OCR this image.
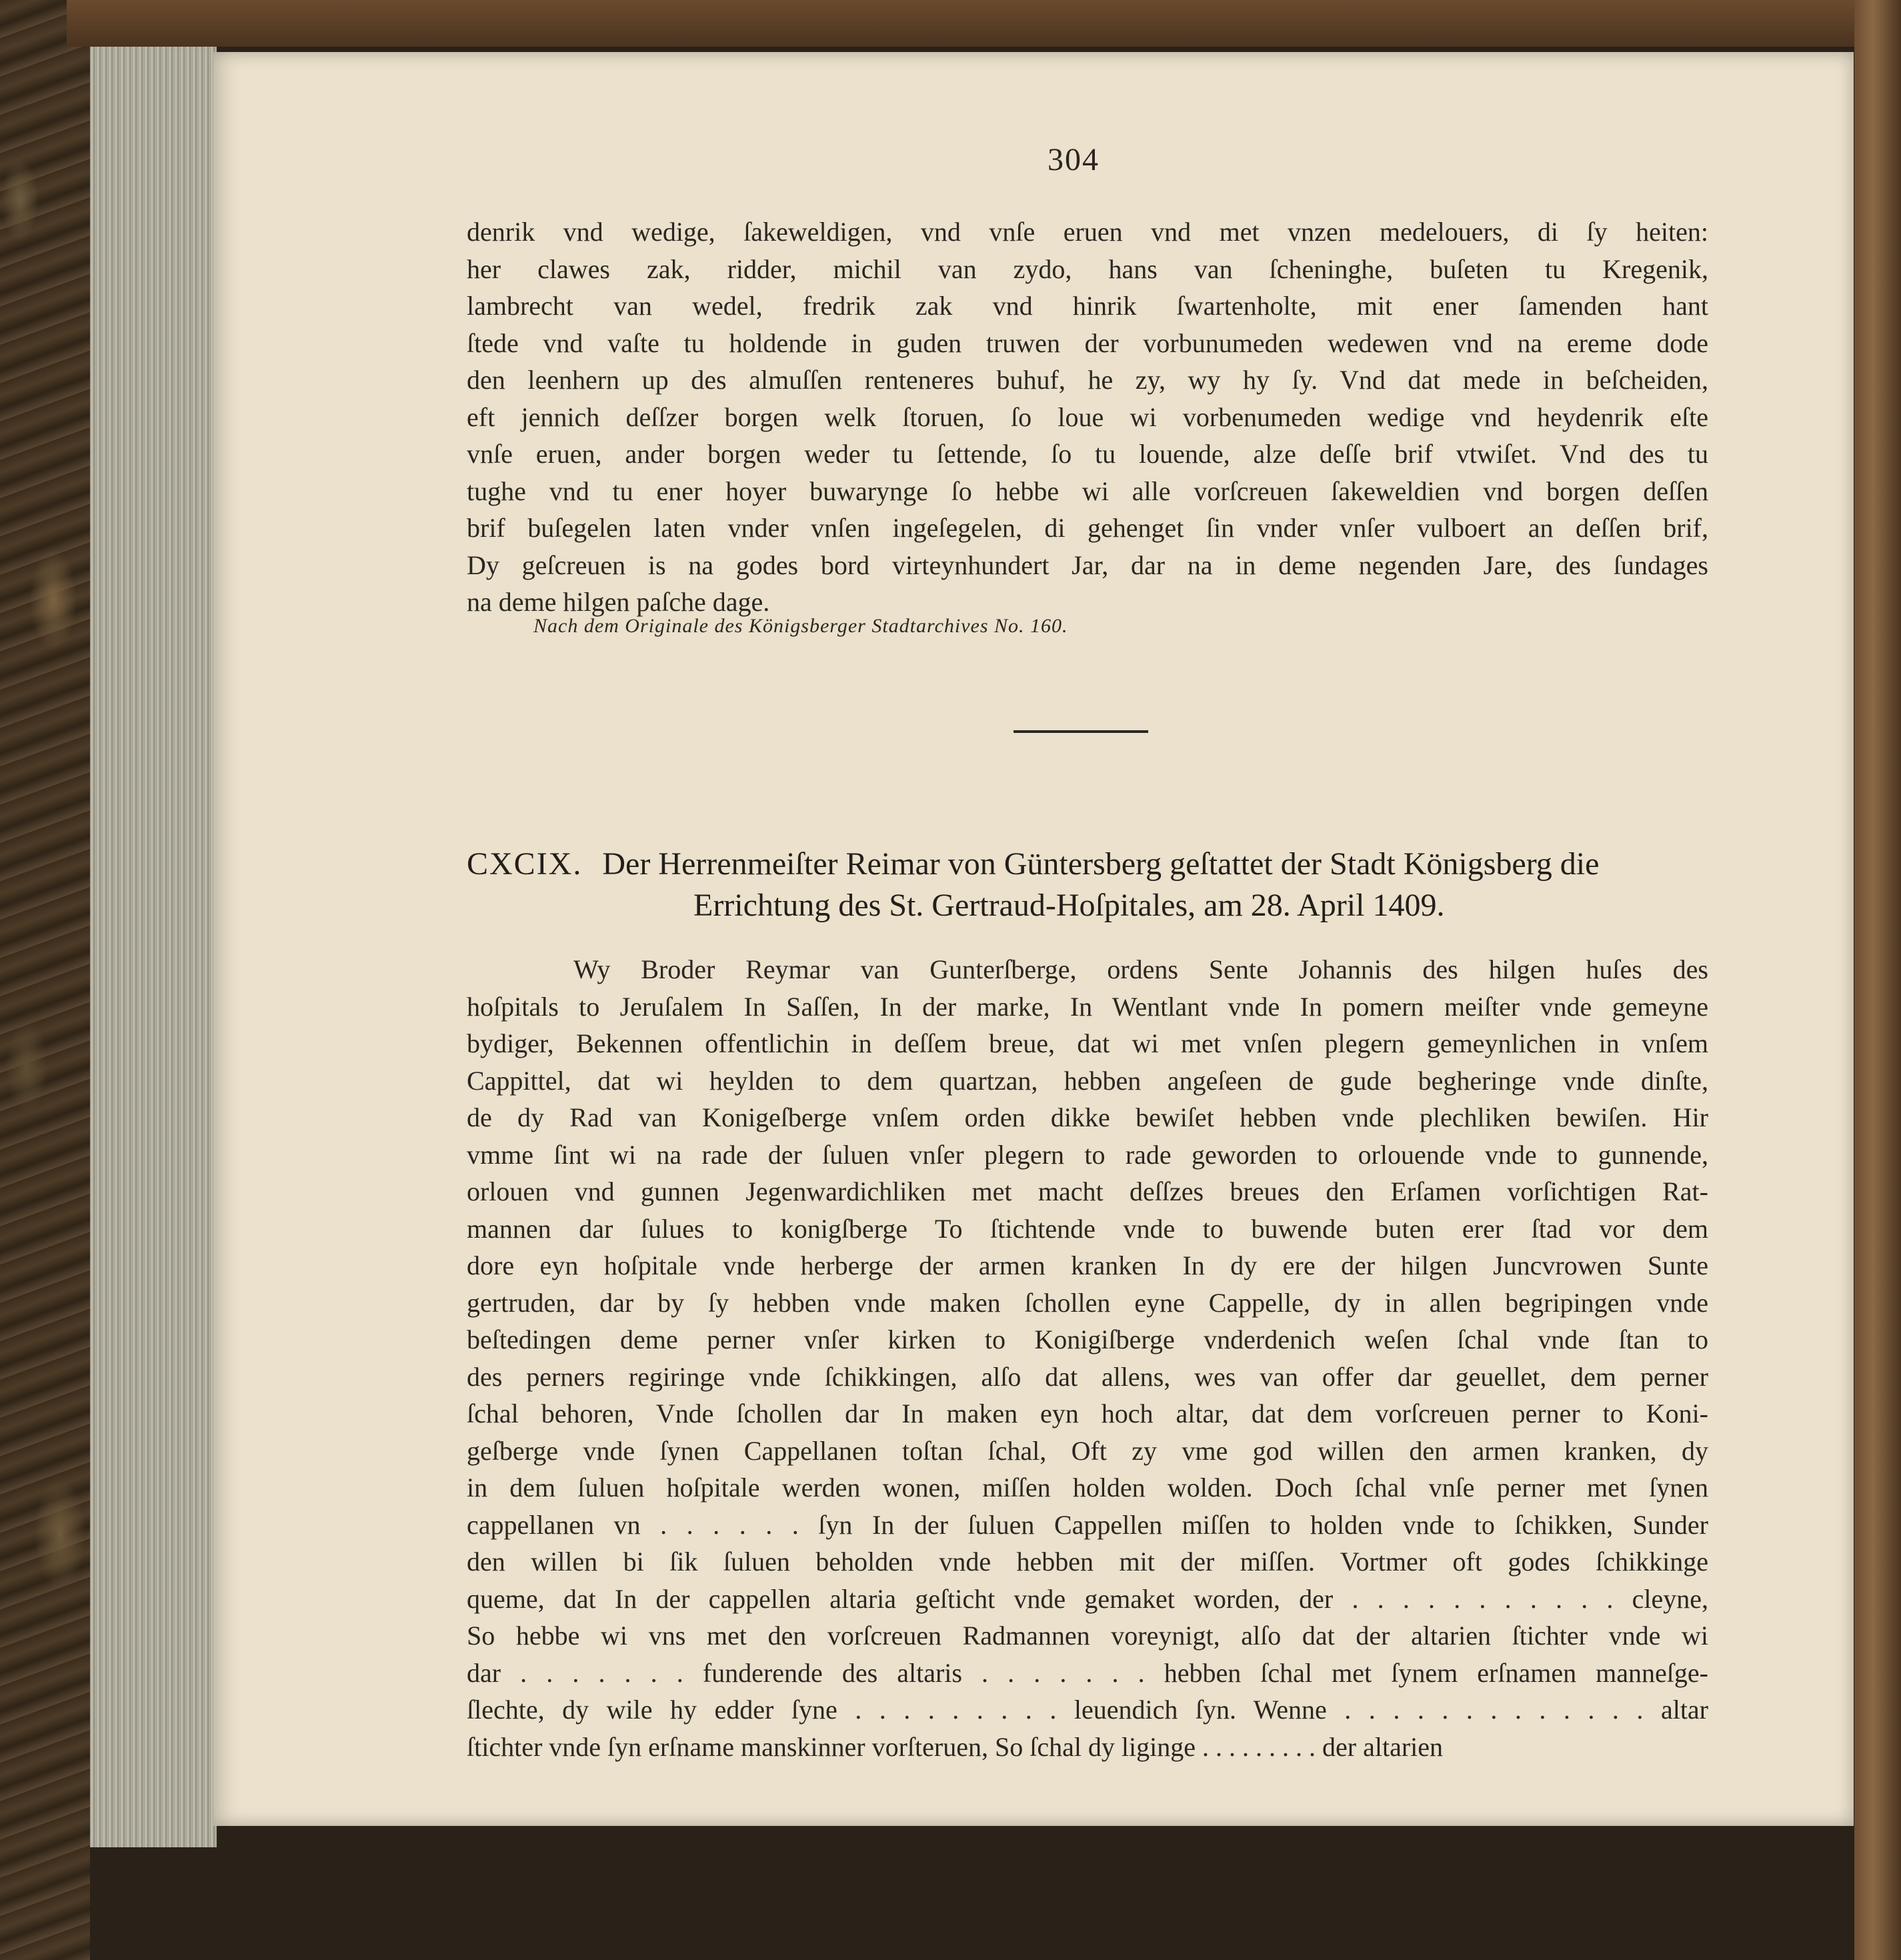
304
denrik vnd wedige, ſakeweldigen, vnd vnſe eruen vnd met vnzen medelouers, di ſy heiten:
her clawes zak, ridder, michil van zydo, hans van ſcheninghe, buſeten tu Kregenik,
lambrecht van wedel, fredrik zak vnd hinrik ſwartenholte, mit ener ſamenden hant
ſtede vnd vaſte tu holdende in guden truwen der vorbunumeden wedewen vnd na ereme dode
den leenhern up des almuſſen renteneres buhuf, he zy, wy hy ſy. Vnd dat mede in beſcheiden,
eft jennich deſſzer borgen welk ſtoruen, ſo loue wi vorbenumeden wedige vnd heydenrik eſte
vnſe eruen, ander borgen weder tu ſettende, ſo tu louende, alze deſſe brif vtwiſet. Vnd des tu
tughe vnd tu ener hoyer buwarynge ſo hebbe wi alle vorſcreuen ſakeweldien vnd borgen deſſen
brif buſegelen laten vnder vnſen ingeſegelen, di gehenget ſin vnder vnſer vulboert an deſſen brif,
Dy geſcreuen is na godes bord virteynhundert Jar, dar na in deme negenden Jare, des ſundages
na deme hilgen paſche dage.
Nach dem Originale des Königsberger Stadtarchives No. 160.
CXCIX. Der Herrenmeiſter Reimar von Güntersberg geſtattet der Stadt Königsberg die
Errichtung des St. Gertraud-Hoſpitales, am 28. April 1409.
Wy Broder Reymar van Gunterſberge, ordens Sente Johannis des hilgen huſes des
hoſpitals to Jeruſalem In Saſſen, In der marke, In Wentlant vnde In pomern meiſter vnde gemeyne
bydiger, Bekennen offentlichin in deſſem breue, dat wi met vnſen plegern gemeynlichen in vnſem
Cappittel, dat wi heylden to dem quartzan, hebben angeſeen de gude begheringe vnde dinſte,
de dy Rad van Konigeſberge vnſem orden dikke bewiſet hebben vnde plechliken bewiſen. Hir
vmme ſint wi na rade der ſuluen vnſer plegern to rade geworden to orlouende vnde to gunnende,
orlouen vnd gunnen Jegenwardichliken met macht deſſzes breues den Erſamen vorſichtigen Rat-
mannen dar ſulues to konigſberge To ſtichtende vnde to buwende buten erer ſtad vor dem
dore eyn hoſpitale vnde herberge der armen kranken In dy ere der hilgen Juncvrowen Sunte
gertruden, dar by ſy hebben vnde maken ſchollen eyne Cappelle, dy in allen begripingen vnde
beſtedingen deme perner vnſer kirken to Konigiſberge vnderdenich weſen ſchal vnde ſtan to
des perners regiringe vnde ſchikkingen, alſo dat allens, wes van offer dar geuellet, dem perner
ſchal behoren, Vnde ſchollen dar In maken eyn hoch altar, dat dem vorſcreuen perner to Koni-
geſberge vnde ſynen Cappellanen toſtan ſchal, Oft zy vme god willen den armen kranken, dy
in dem ſuluen hoſpitale werden wonen, miſſen holden wolden. Doch ſchal vnſe perner met ſynen
cappellanen vn . . . . . . ſyn In der ſuluen Cappellen miſſen to holden vnde to ſchikken, Sunder
den willen bi ſik ſuluen beholden vnde hebben mit der miſſen. Vortmer oft godes ſchikkinge
queme, dat In der cappellen altaria geſticht vnde gemaket worden, der . . . . . . . . . . . cleyne,
So hebbe wi vns met den vorſcreuen Radmannen voreynigt, alſo dat der altarien ſtichter vnde wi
dar . . . . . . . funderende des altaris . . . . . . . hebben ſchal met ſynem erſnamen manneſge-
ſlechte, dy wile hy edder ſyne . . . . . . . . . leuendich ſyn. Wenne . . . . . . . . . . . . . altar
ſtichter vnde ſyn erſname manskinner vorſteruen, So ſchal dy liginge . . . . . . . . . der altarien
